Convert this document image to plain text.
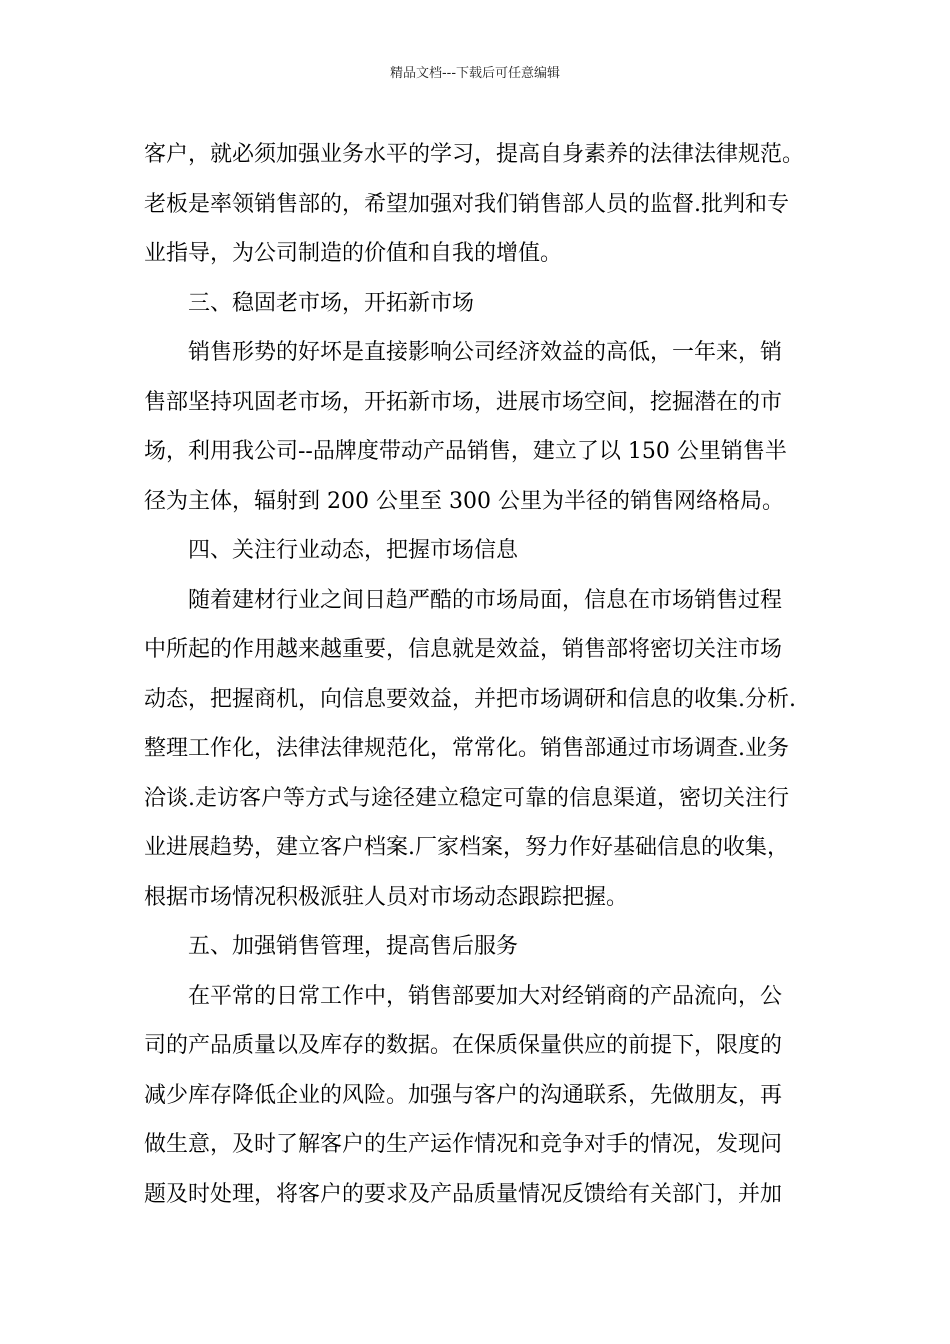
精品文档---下载后可任意编辑
客户，就必须加强业务水平的学习，提高自身素养的法律法律规范。
老板是率领销售部的，希望加强对我们销售部人员的监督.批判和专
业指导，为公司制造的价值和自我的增值。
三、稳固老市场，开拓新市场
销售形势的好坏是直接影响公司经济效益的高低，一年来，销
售部坚持巩固老市场，开拓新市场，进展市场空间，挖掘潜在的市
场，利用我公司--品牌度带动产品销售，建立了以 150 公里销售半
径为主体，辐射到 200 公里至 300 公里为半径的销售网络格局。
四、关注行业动态，把握市场信息
随着建材行业之间日趋严酷的市场局面，信息在市场销售过程
中所起的作用越来越重要，信息就是效益，销售部将密切关注市场
动态，把握商机，向信息要效益，并把市场调研和信息的收集.分析.
整理工作化，法律法律规范化，常常化。销售部通过市场调查.业务
洽谈.走访客户等方式与途径建立稳定可靠的信息渠道，密切关注行
业进展趋势，建立客户档案.厂家档案，努力作好基础信息的收集，
根据市场情况积极派驻人员对市场动态跟踪把握。
五、加强销售管理，提高售后服务
在平常的日常工作中，销售部要加大对经销商的产品流向，公
司的产品质量以及库存的数据。在保质保量供应的前提下，限度的
减少库存降低企业的风险。加强与客户的沟通联系，先做朋友，再
做生意，及时了解客户的生产运作情况和竞争对手的情况，发现问
题及时处理，将客户的要求及产品质量情况反馈给有关部门，并加
